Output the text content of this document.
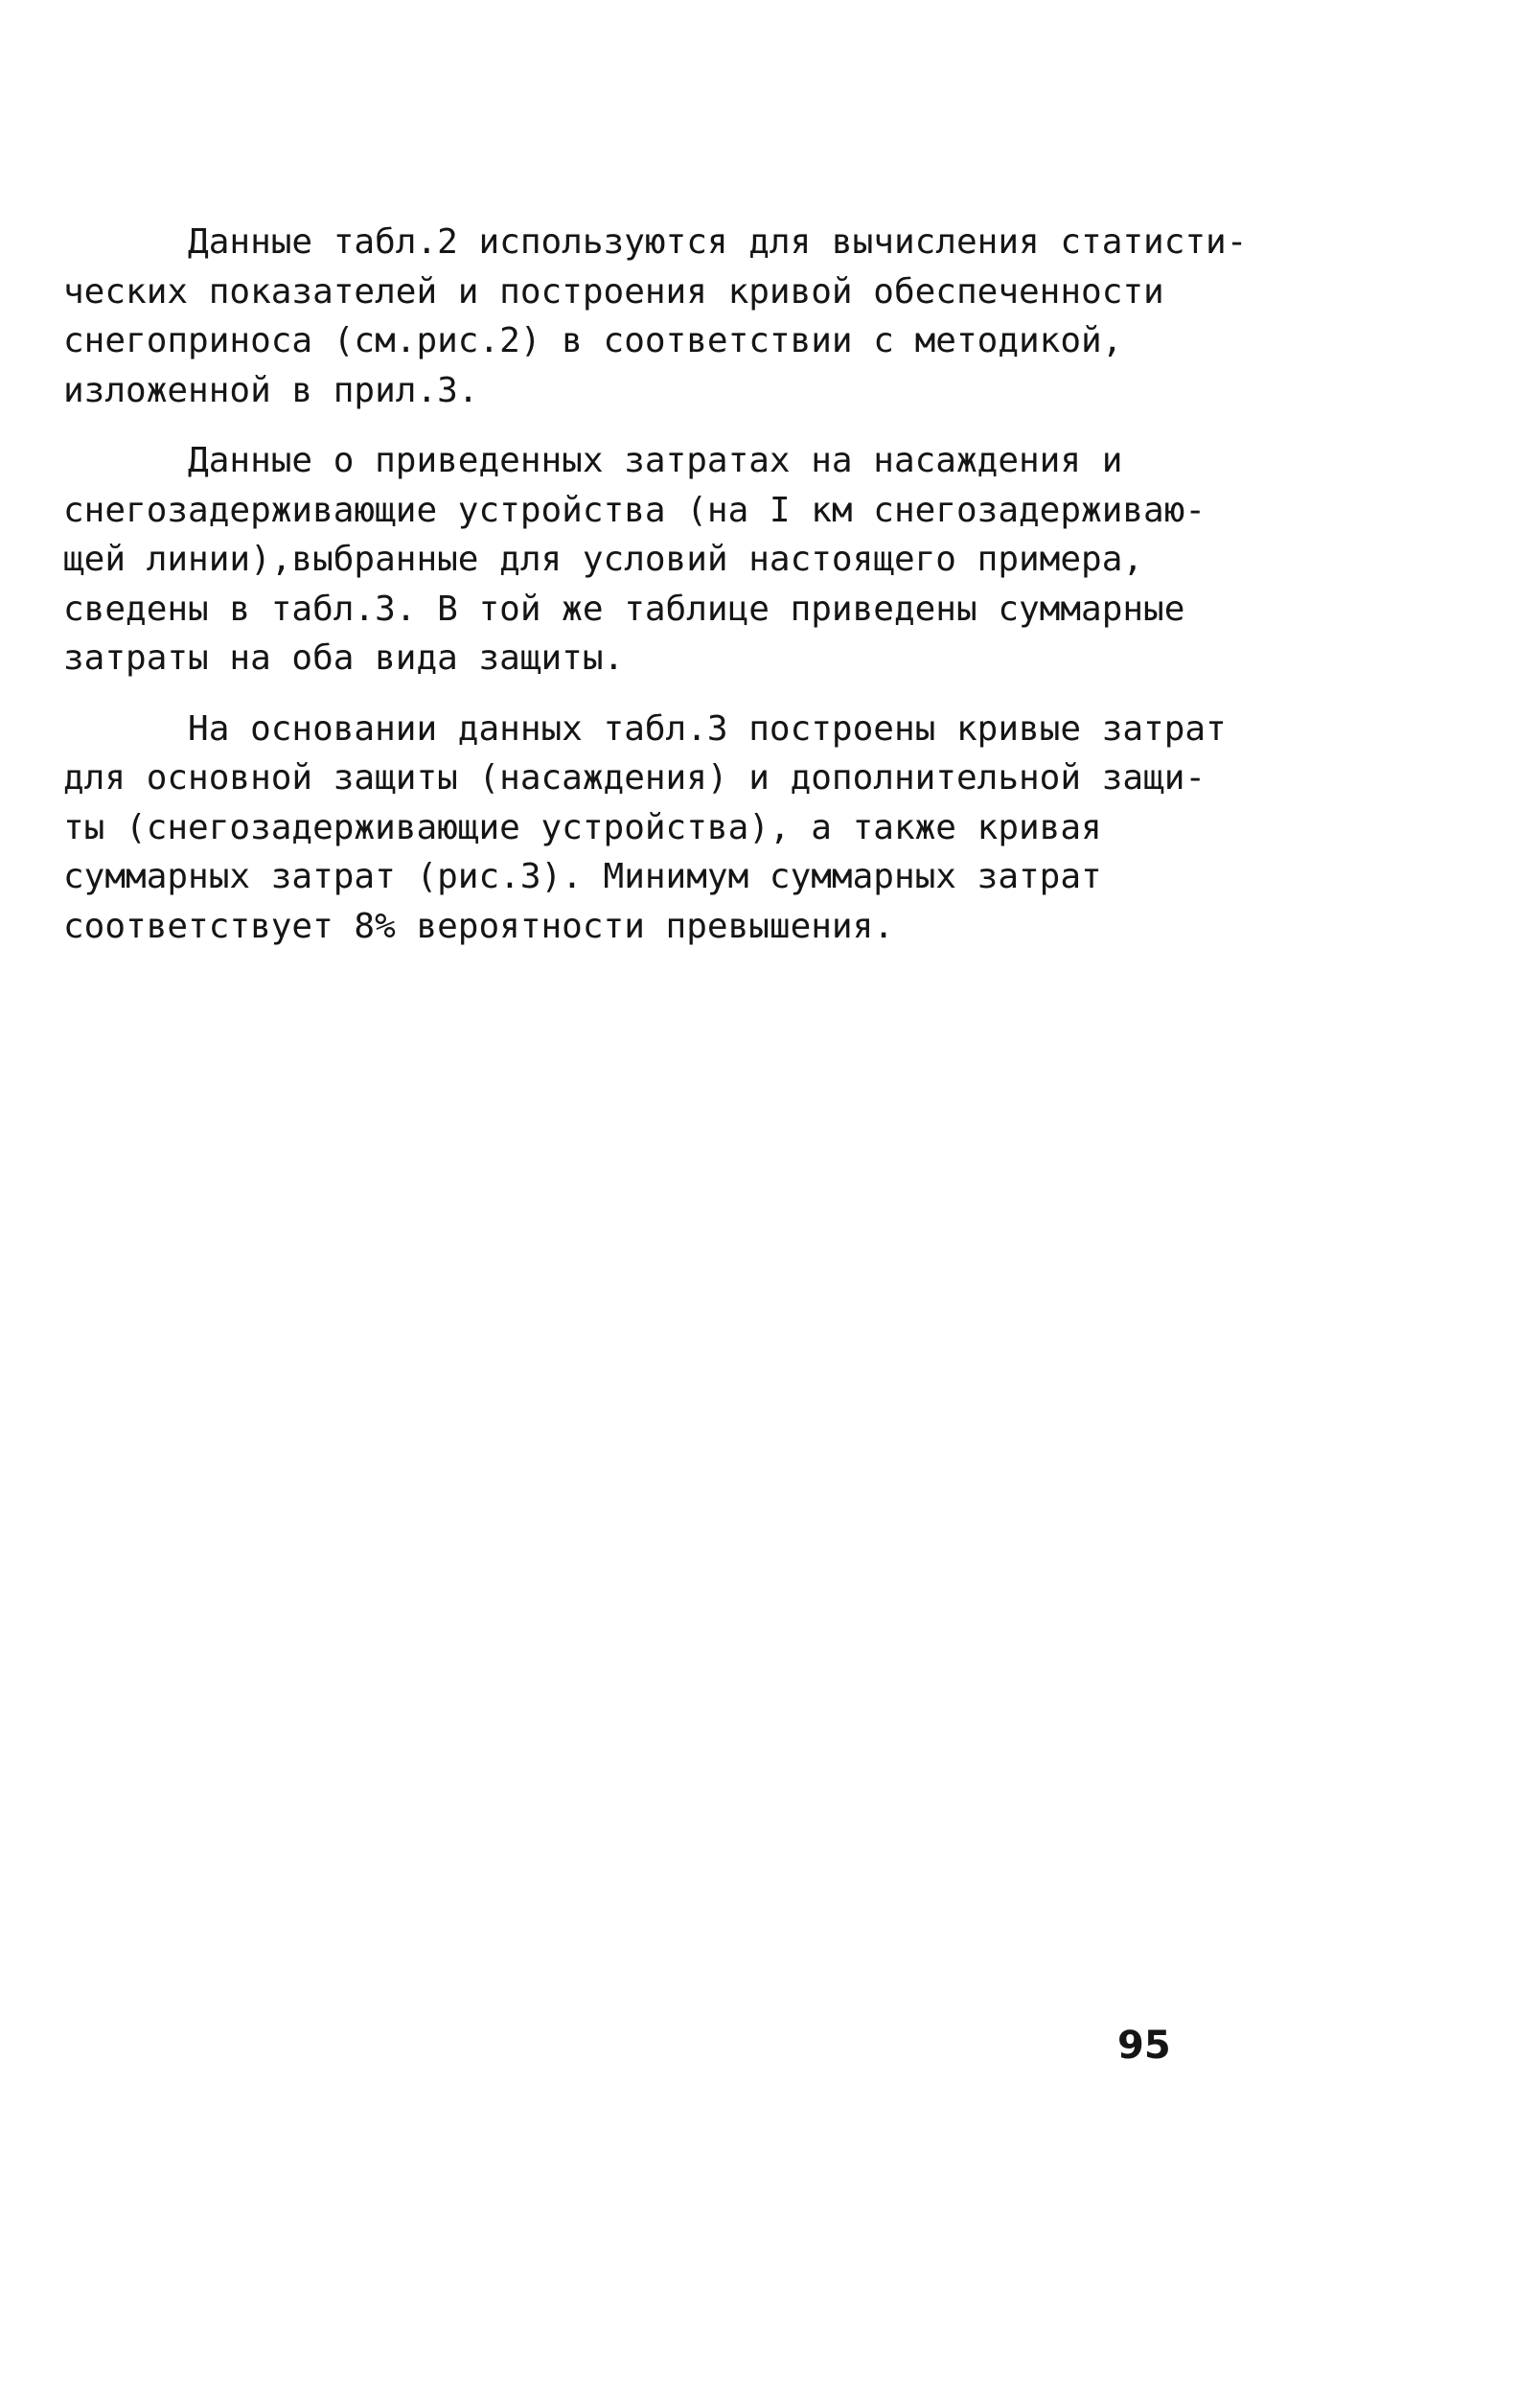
Данные табл.2 используются для вычисления статисти-
ческих показателей и построения кривой обеспеченности
снегоприноса (см.рис.2) в соответствии с методикой,
изложенной в прил.3.

Данные о приведенных затратах на насаждения и
снегозадерживающие устройства (на I км снегозадерживаю-
щей линии),выбранные для условий настоящего примера,
сведены в табл.3. В той же таблице приведены суммарные
затраты на оба вида защиты.

На основании данных табл.3 построены кривые затрат
для основной защиты (насаждения) и дополнительной защи-
ты (снегозадерживающие устройства), а также кривая
суммарных затрат (рис.3). Минимум суммарных затрат
соответствует 8% вероятности превышения.

95
